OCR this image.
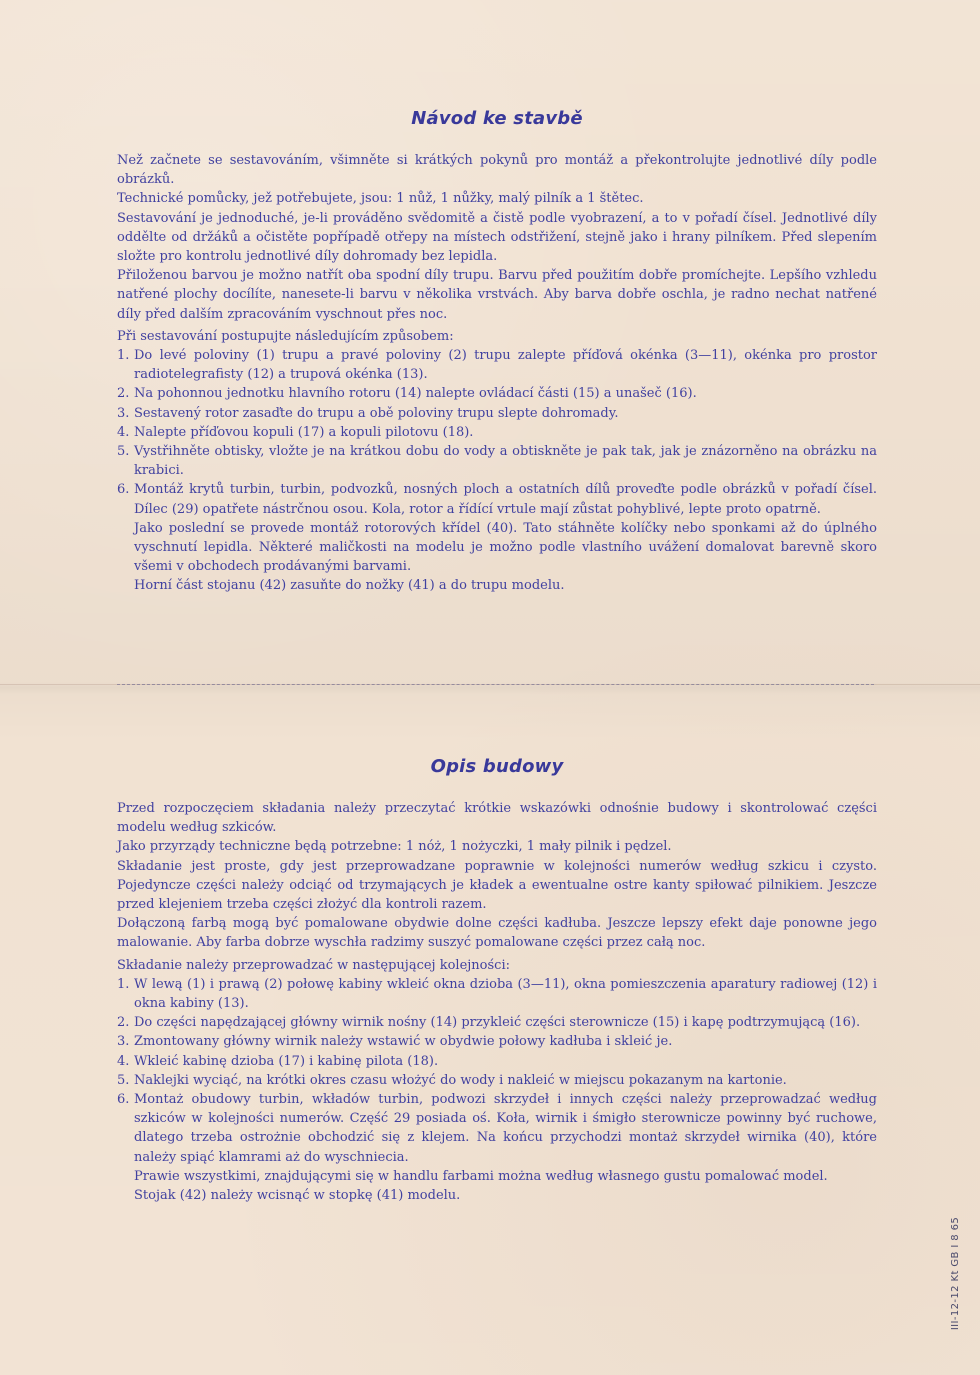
Návod ke stavbě

Než začnete se sestavováním, všimněte si krátkých pokynů pro montáž a překontrolujte jednotlivé díly podle obrázků.

Technické pomůcky, jež potřebujete, jsou: 1 nůž, 1 nůžky, malý pilník a 1 štětec.

Sestavování je jednoduché, je-li prováděno svědomitě a čistě podle vyobrazení, a to v pořadí čísel. Jednotlivé díly oddělte od držáků a očistěte popřípadě otřepy na místech odstřižení, stejně jako i hrany pilníkem. Před slepením složte pro kontrolu jednotlivé díly dohromady bez lepidla.

Přiloženou barvou je možno natřít oba spodní díly trupu. Barvu před použitím dobře promíchejte. Lepšího vzhledu natřené plochy docílíte, nanesete-li barvu v několika vrstvách. Aby barva dobře oschla, je radno nechat natřené díly před dalším zpracováním vyschnout přes noc.

Při sestavování postupujte následujícím způsobem:

1. Do levé poloviny (1) trupu a pravé poloviny (2) trupu zalepte příďová okénka (3—11), okénka pro prostor radiotelegrafisty (12) a trupová okénka (13).
2. Na pohonnou jednotku hlavního rotoru (14) nalepte ovládací části (15) a unašeč (16).
3. Sestavený rotor zasaďte do trupu a obě poloviny trupu slepte dohromady.
4. Nalepte příďovou kopuli (17) a kopuli pilotovu (18).
5. Vystřihněte obtisky, vložte je na krátkou dobu do vody a obtiskněte je pak tak, jak je znázorněno na obrázku na krabici.
6. Montáž krytů turbin, turbin, podvozků, nosných ploch a ostatních dílů proveďte podle obrázků v pořadí čísel. Dílec (29) opatřete nástrčnou osou. Kola, rotor a řídící vrtule mají zůstat pohyblivé, lepte proto opatrně.
Jako poslední se provede montáž rotorových křídel (40). Tato stáhněte kolíčky nebo sponkami až do úplného vyschnutí lepidla. Některé maličkosti na modelu je možno podle vlastního uvážení domalovat barevně skoro všemi v obchodech prodávanými barvami.
Horní část stojanu (42) zasuňte do nožky (41) a do trupu modelu.
Opis budowy

Przed rozpoczęciem składania należy przeczytać krótkie wskazówki odnośnie budowy i skontrolować części modelu według szkiców.

Jako przyrządy techniczne będą potrzebne: 1 nóż, 1 nożyczki, 1 mały pilnik i pędzel.

Składanie jest proste, gdy jest przeprowadzane poprawnie w kolejności numerów według szkicu i czysto. Pojedyncze części należy odciąć od trzymających je kładek a ewentualne ostre kanty spiłować pilnikiem. Jeszcze przed klejeniem trzeba części złożyć dla kontroli razem.

Dołączoną farbą mogą być pomalowane obydwie dolne części kadłuba. Jeszcze lepszy efekt daje ponowne jego malowanie. Aby farba dobrze wyschła radzimy suszyć pomalowane części przez całą noc.

Składanie należy przeprowadzać w następującej kolejności:

1. W lewą (1) i prawą (2) połowę kabiny wkleić okna dzioba (3—11), okna pomieszczenia aparatury radiowej (12) i okna kabiny (13).
2. Do części napędzającej główny wirnik nośny (14) przykleić części sterownicze (15) i kapę podtrzymującą (16).
3. Zmontowany główny wirnik należy wstawić w obydwie połowy kadłuba i skleić je.
4. Wkleić kabinę dzioba (17) i kabinę pilota (18).
5. Naklejki wyciąć, na krótki okres czasu włożyć do wody i nakleić w miejscu pokazanym na kartonie.
6. Montaż obudowy turbin, wkładów turbin, podwozi skrzydeł i innych części należy przeprowadzać według szkiców w kolejności numerów. Część 29 posiada oś. Koła, wirnik i śmigło sterownicze powinny być ruchowe, dlatego trzeba ostrożnie obchodzić się z klejem. Na końcu przychodzi montaż skrzydeł wirnika (40), które należy spiąć klamrami aż do wyschniecia.
Prawie wszystkimi, znajdującymi się w handlu farbami można według własnego gustu pomalować model.
Stojak (42) należy wcisnąć w stopkę (41) modelu.
III-12-12 Kt GB I 8 65
